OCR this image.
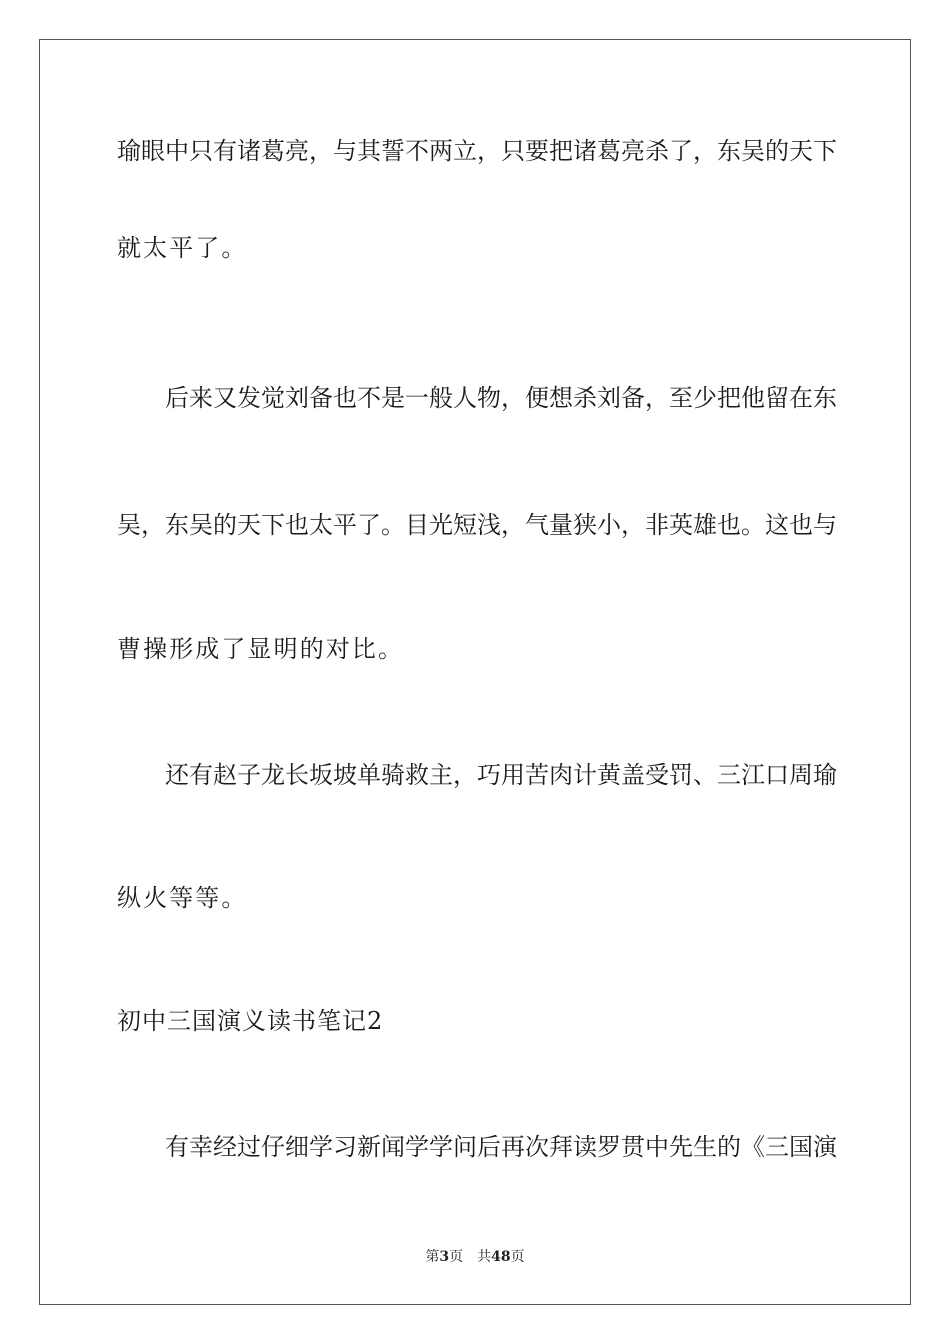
瑜眼中只有诸葛亮，与其誓不两立，只要把诸葛亮杀了，东吴的天下
就太平了。
后来又发觉刘备也不是一般人物，便想杀刘备，至少把他留在东
吴，东吴的天下也太平了。目光短浅，气量狭小，非英雄也。这也与
曹操形成了显明的对比。
还有赵子龙长坂坡单骑救主，巧用苦肉计黄盖受罚、三江口周瑜
纵火等等。
初中三国演义读书笔记2
有幸经过仔细学习新闻学学问后再次拜读罗贯中先生的《三国演
第3页 共48页
